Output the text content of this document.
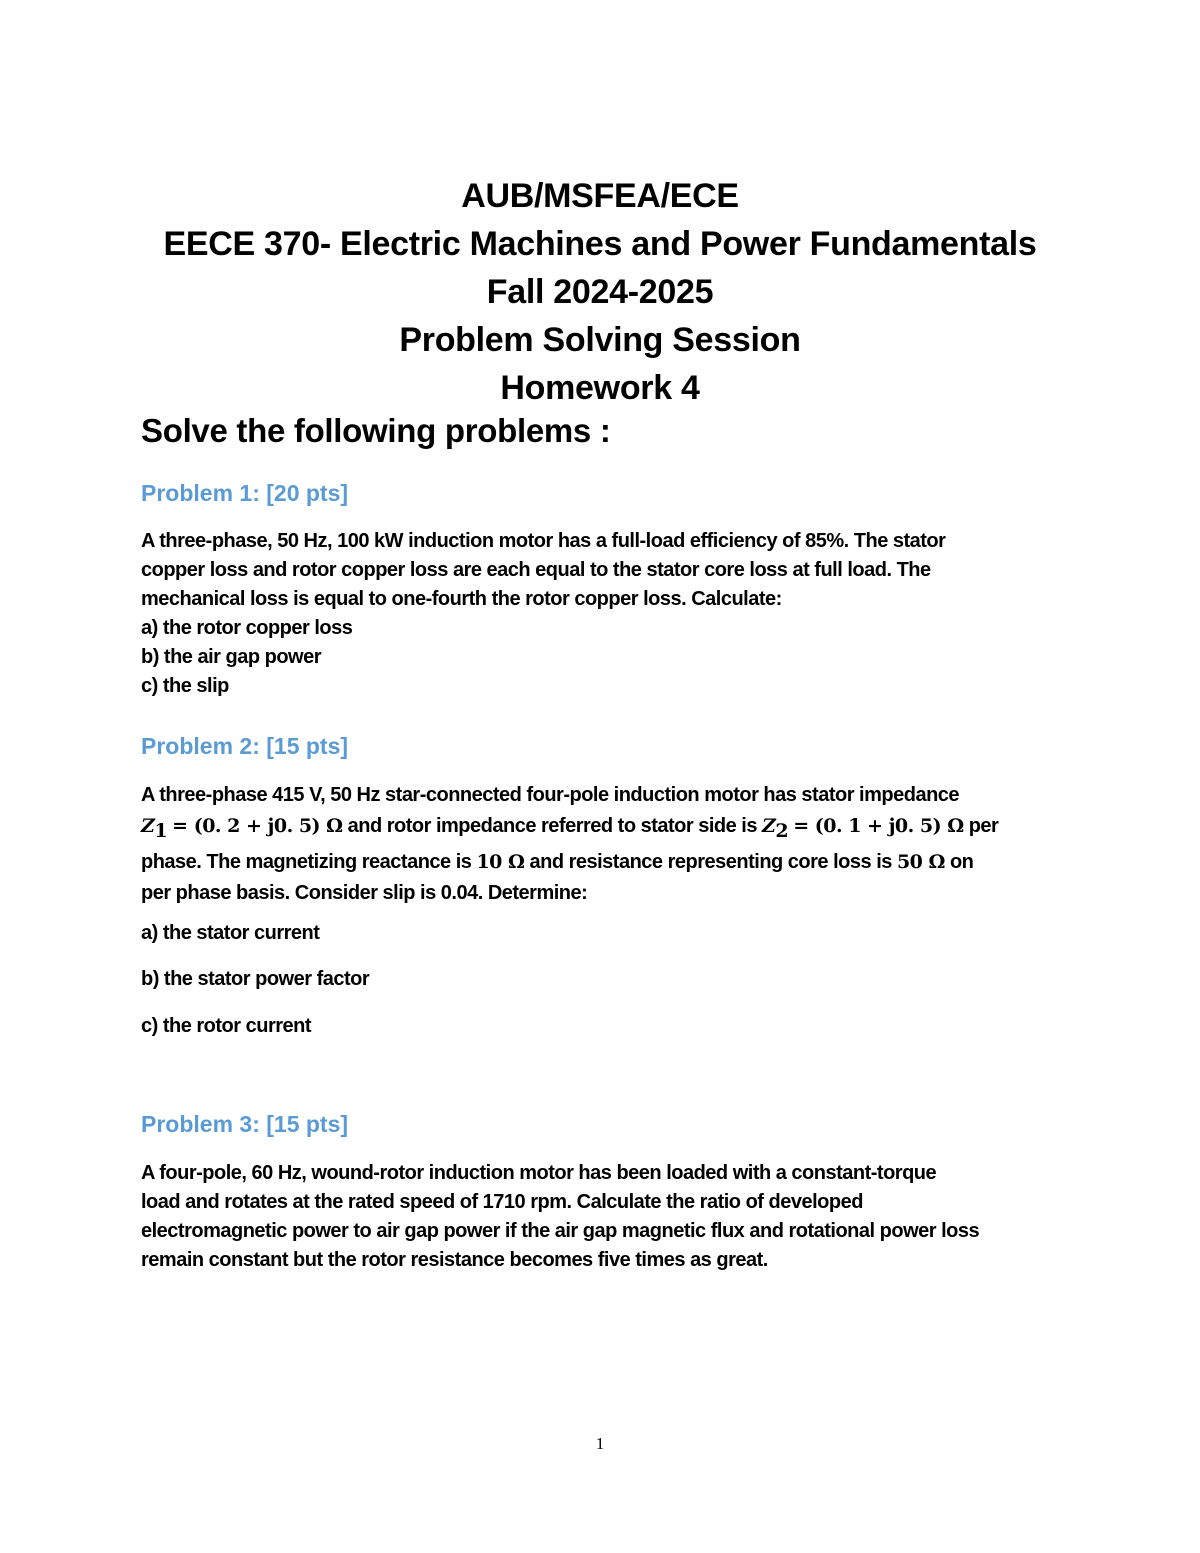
AUB/MSFEA/ECE
EECE 370- Electric Machines and Power Fundamentals
Fall 2024-2025
Problem Solving Session
Homework 4
Solve the following problems :
Problem 1: [20 pts]
A three-phase, 50 Hz, 100 kW induction motor has a full-load efficiency of 85%. The stator
copper loss and rotor copper loss are each equal to the stator core loss at full load. The
mechanical loss is equal to one-fourth the rotor copper loss. Calculate:
a) the rotor copper loss
b) the air gap power
c) the slip
Problem 2: [15 pts]
A three-phase 415 V, 50 Hz star-connected four-pole induction motor has stator impedance
$Z_1 = (0$. 2 + j0. 5) Ω and rotor impedance referred to stator side is $Z_2 = (0$. 1 + j0. 5) Ω per
phase. The magnetizing reactance is 10 Ω and resistance representing core loss is 50 Ω on
per phase basis. Consider slip is 0.04. Determine:
a) the stator current
b) the stator power factor
c) the rotor current
Problem 3: [15 pts]
A four-pole, 60 Hz, wound-rotor induction motor has been loaded with a constant-torque
load and rotates at the rated speed of 1710 rpm. Calculate the ratio of developed
electromagnetic power to air gap power if the air gap magnetic flux and rotational power loss
remain constant but the rotor resistance becomes five times as great.
1
